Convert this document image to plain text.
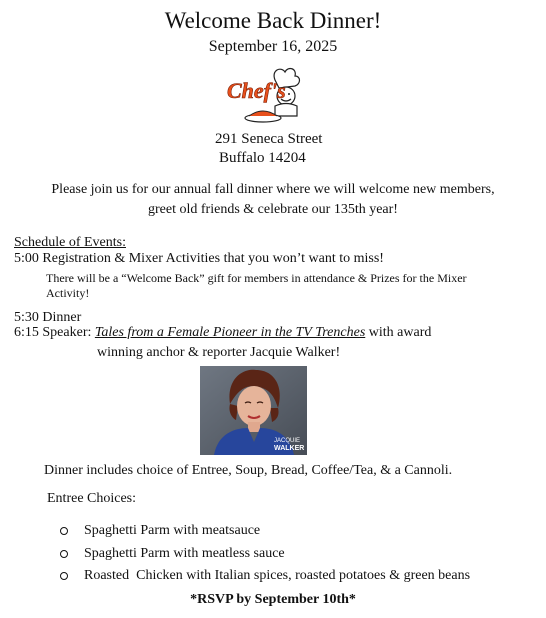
Welcome Back Dinner!
September 16, 2025
Chef's
291 Seneca Street
Buffalo 14204
Please join us for our annual fall dinner where we will welcome new members,
greet old friends & celebrate our 135th year!
Schedule of Events:
5:00 Registration & Mixer Activities that you won’t want to miss!
There will be a “Welcome Back” gift for members in attendance & Prizes for the Mixer
Activity!
5:30 Dinner
6:15 Speaker: Tales from a Female Pioneer in the TV Trenches with award
winning anchor & reporter Jacquie Walker!
JACQUIE
WALKER
Dinner includes choice of Entree, Soup, Bread, Coffee/Tea, & a Cannoli.
Entree Choices:
Spaghetti Parm with meatsauce
Spaghetti Parm with meatless sauce
Roasted  Chicken with Italian spices, roasted potatoes & green beans
*RSVP by September 10th*
